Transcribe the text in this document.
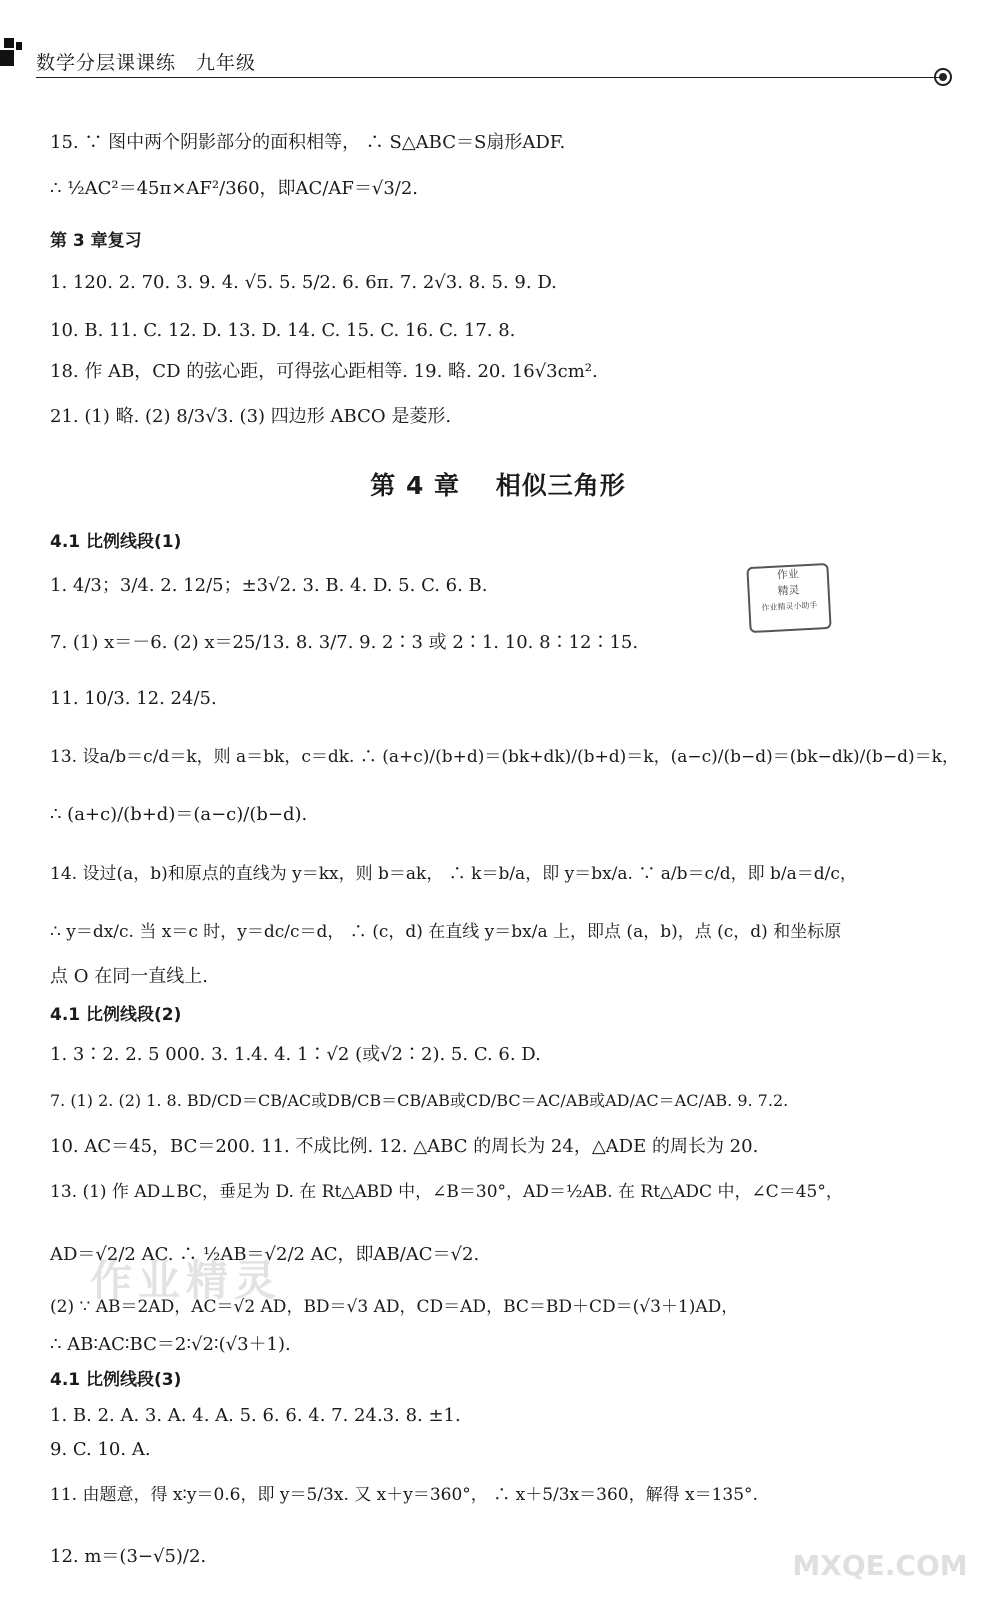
数学分层课课练　九年级
第 4 章　 相似三角形
第 3 章复习
4.1 比例线段(1)
4.1 比例线段(2)
4.1 比例线段(3)
15. ∵ 图中两个阴影部分的面积相等， ∴ S△ABC＝S扇形ADF.
∴ ½AC²＝45π×AF²/360，即AC/AF＝√3/2.
1. 120. 2. 70. 3. 9. 4. √5. 5. 5/2. 6. 6π. 7. 2√3. 8. 5. 9. D.
10. B. 11. C. 12. D. 13. D. 14. C. 15. C. 16. C. 17. 8.
18. 作 AB，CD 的弦心距，可得弦心距相等. 19. 略. 20. 16√3cm².
21. (1) 略. (2) 8/3√3. (3) 四边形 ABCO 是菱形.
1. 4/3；3/4. 2. 12/5；±3√2. 3. B. 4. D. 5. C. 6. B.
7. (1) x＝－6. (2) x＝25/13. 8. 3/7. 9. 2∶3 或 2∶1. 10. 8∶12∶15.
11. 10/3. 12. 24/5.
13. 设a/b＝c/d＝k，则 a＝bk，c＝dk. ∴ (a+c)/(b+d)＝(bk+dk)/(b+d)＝k，(a−c)/(b−d)＝(bk−dk)/(b−d)＝k，
∴ (a+c)/(b+d)＝(a−c)/(b−d).
14. 设过(a，b)和原点的直线为 y＝kx，则 b＝ak， ∴ k＝b/a，即 y＝bx/a. ∵ a/b＝c/d，即 b/a＝d/c，
∴ y＝dx/c. 当 x＝c 时，y＝dc/c＝d， ∴ (c，d) 在直线 y＝bx/a 上，即点 (a，b)，点 (c，d) 和坐标原
点 O 在同一直线上.
1. 3∶2. 2. 5 000. 3. 1.4. 4. 1∶√2 (或√2∶2). 5. C. 6. D.
7. (1) 2. (2) 1. 8. BD/CD＝CB/AC或DB/CB＝CB/AB或CD/BC＝AC/AB或AD/AC＝AC/AB. 9. 7.2.
10. AC＝45，BC＝200. 11. 不成比例. 12. △ABC 的周长为 24，△ADE 的周长为 20.
13. (1) 作 AD⊥BC，垂足为 D. 在 Rt△ABD 中，∠B＝30°，AD＝½AB. 在 Rt△ADC 中，∠C＝45°，
AD＝√2/2 AC. ∴ ½AB＝√2/2 AC，即AB/AC＝√2.
(2) ∵ AB＝2AD，AC＝√2 AD，BD＝√3 AD，CD＝AD，BC＝BD＋CD＝(√3＋1)AD，
∴ AB∶AC∶BC＝2∶√2∶(√3＋1).
1. B. 2. A. 3. A. 4. A. 5. 6. 6. 4. 7. 24.3. 8. ±1.
9. C. 10. A.
11. 由题意，得 x∶y＝0.6，即 y＝5/3x. 又 x＋y＝360°， ∴ x＋5/3x＝360，解得 x＝135°.
12. m＝(3−√5)/2.
作业
精灵
作业精灵小助手
作业精灵
MXQE.COM
